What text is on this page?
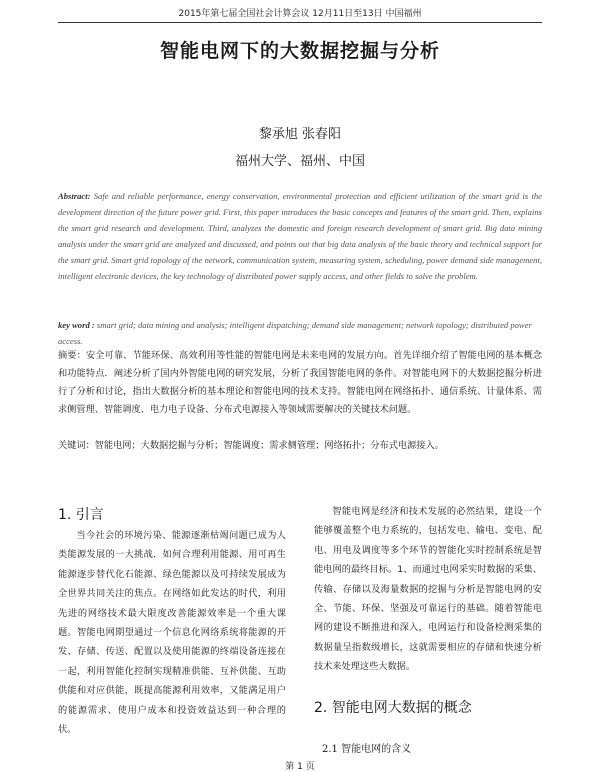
2015年第七届全国社会计算会议 12月11日至13日 中国福州
智能电网下的大数据挖掘与分析
黎承旭 张春阳
福州大学、福州、中国
Abstract: Safe and reliable performance, energy conservation, environmental protection and efficient utilization of the smart grid is the development direction of the future power grid. First, this paper introduces the basic concepts and features of the smart grid. Then, explains the smart grid research and development. Third, analyzes the domestic and foreign research development of smart grid. Big data mining analysis under the smart grid are analyzed and discussed, and points out that big data analysis of the basic theory and technical support for the smart grid. Smart grid topology of the network, communication system, measuring system, scheduling, power demand side management, intelligent electronic devices, the key technology of distributed power supply access, and other fields to solve the problem.
key word : smart grid; data mining and analysis; intelligent dispatching; demand side management; network topology; distributed power access.
摘要：安全可靠、节能环保、高效利用等性能的智能电网是未来电网的发展方向。首先详细介绍了智能电网的基本概念和功能特点．阐述分析了国内外智能电网的研究发展，分析了我国智能电网的条件。对智能电网下的大数据挖掘分析进行了分析和讨论，指出大数据分析的基本理论和智能电网的技术支持。智能电网在网络拓扑、通信系统、计量体系、需求侧管理、智能调度、电力电子设备、分布式电源接入等领域需要解决的关键技术问题。
关键词：智能电网；大数据挖掘与分析；智能调度；需求侧管理；网络拓扑；分布式电源接入。
1. 引言

当今社会的环境污染、能源逐渐枯竭问题已成为人类能源发展的一大挑战．如何合理利用能源、用可再生能源逐步替代化石能源、绿色能源以及可持续发展成为全世界共同关注的焦点。在网络如此发达的时代，利用先进的网络技术最大限度改善能源效率是一个重大课题。智能电网期望通过一个信息化网络系统将能源的开发、存储、传送、配置以及使用能源的终端设备连接在一起，利用智能化控制实现精准供能、互补供能、互助供能和对应供能，既提高能源利用效率，又能满足用户的能源需求、使用户成本和投资效益达到一种合理的状。

智能电网是经济和技术发展的必然结果，建设一个能够覆盖整个电力系统的，包括发电、输电、变电、配电、用电及调度等多个环节的智能化实时控制系统是智能电网的最终目标。1、而通过电网采实时数据的采集、传输、存储以及海量数据的挖掘与分析是智能电网的安全、节能、环保、坚强及可靠运行的基础。随着智能电网的建设不断推进和深入，电网运行和设备检测采集的数据量呈指数级增长，这就需要相应的存储和快速分析技术来处理这些大数据。

2. 智能电网大数据的概念
2.1 智能电网的含义
第 1 页
